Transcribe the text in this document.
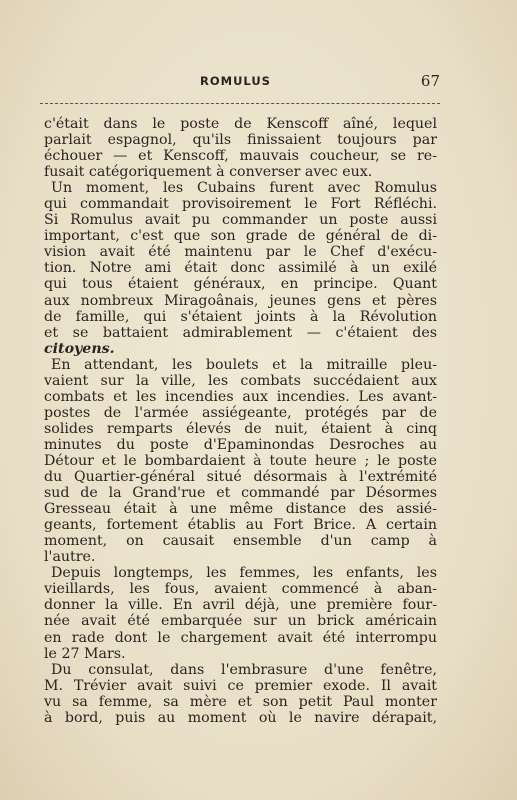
ROMULUS	67
c'était dans le poste de Kenscoff aîné, lequel
parlait espagnol, qu'ils finissaient toujours par
échouer — et Kenscoff, mauvais coucheur, se re-
fusait catégoriquement à converser avec eux.
Un moment, les Cubains furent avec Romulus
qui commandait provisoirement le Fort Réfléchi.
Si Romulus avait pu commander un poste aussi
important, c'est que son grade de général de di-
vision avait été maintenu par le Chef d'exécu-
tion. Notre ami était donc assimilé à un exilé
qui tous étaient généraux, en principe. Quant
aux nombreux Miragoânais, jeunes gens et pères
de famille, qui s'étaient joints à la Révolution
et se battaient admirablement — c'étaient des
citoyens.
En attendant, les boulets et la mitraille pleu-
vaient sur la ville, les combats succédaient aux
combats et les incendies aux incendies. Les avant-
postes de l'armée assiégeante, protégés par de
solides remparts élevés de nuit, étaient à cinq
minutes du poste d'Epaminondas Desroches au
Détour et le bombardaient à toute heure ; le poste
du Quartier-général situé désormais à l'extrémité
sud de la Grand'rue et commandé par Désormes
Gresseau était à une même distance des assié-
geants, fortement établis au Fort Brice. A certain
moment, on causait ensemble d'un camp à
l'autre.
Depuis longtemps, les femmes, les enfants, les
vieillards, les fous, avaient commencé à aban-
donner la ville. En avril déjà, une première four-
née avait été embarquée sur un brick américain
en rade dont le chargement avait été interrompu
le 27 Mars.
Du consulat, dans l'embrasure d'une fenêtre,
M. Trévier avait suivi ce premier exode. Il avait
vu sa femme, sa mère et son petit Paul monter
à bord, puis au moment où le navire dérapait,
